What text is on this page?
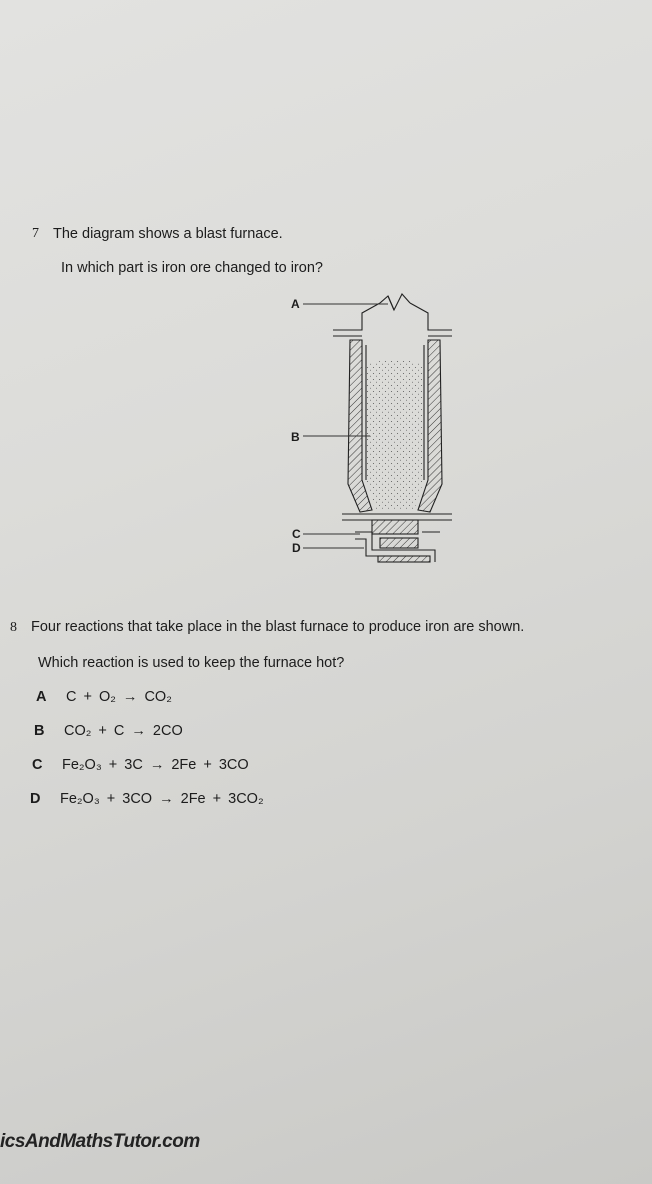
7 The diagram shows a blast furnace.
In which part is iron ore changed to iron?
A
B
C
D
8 Four reactions that take place in the blast furnace to produce iron are shown.
Which reaction is used to keep the furnace hot?
A C + O₂ → CO₂
B CO₂ + C → 2CO
C Fe₂O₃ + 3C → 2Fe + 3CO
D Fe₂O₃ + 3CO → 2Fe + 3CO₂
icsAndMathsTutor.com
